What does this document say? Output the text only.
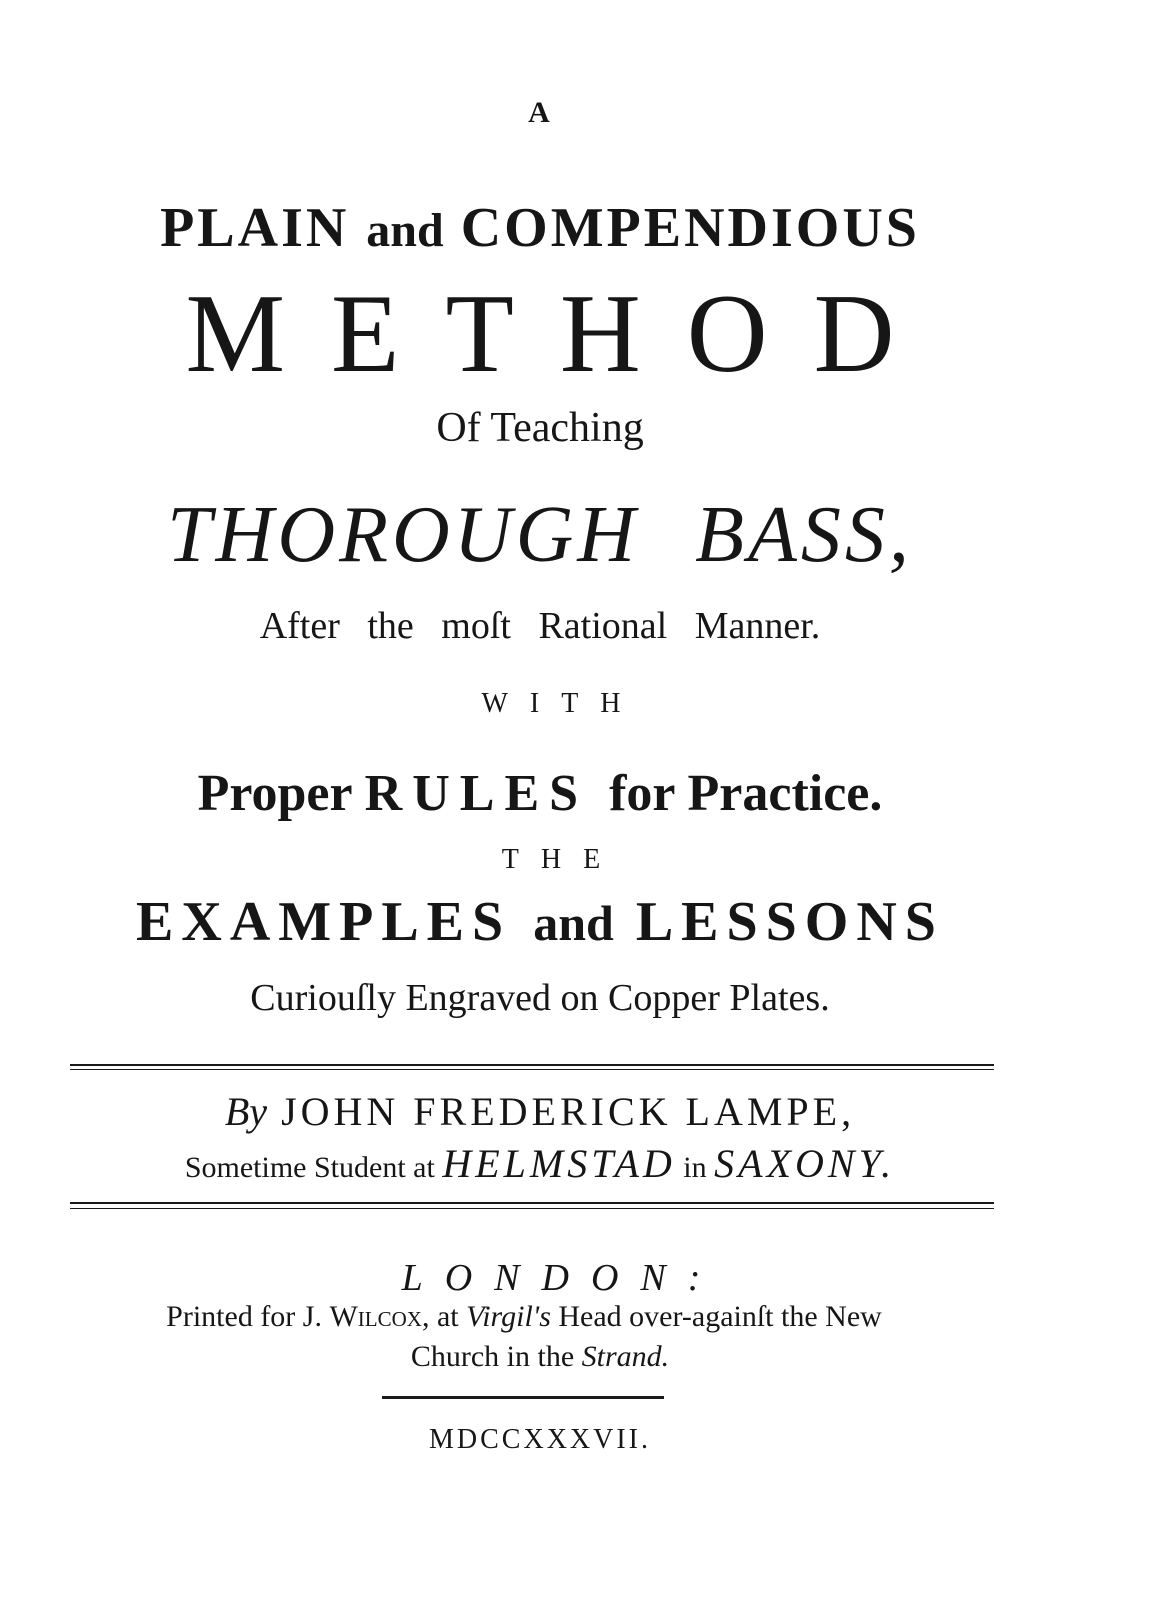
A
PLAIN and COMPENDIOUS
METHOD
Of Teaching
THOROUGH BASS,
After the moſt Rational Manner.
WITH
Proper RULES for Practice.
THE
EXAMPLES and LESSONS
Curiouſly Engraved on Copper Plates.
By JOHN FREDERICK LAMPE,
Sometime Student at HELMSTAD in SAXONY.
LONDON:
Printed for J. Wilcox, at Virgil's Head over-againſt the New
Church in the Strand.
MDCCXXXVII.
